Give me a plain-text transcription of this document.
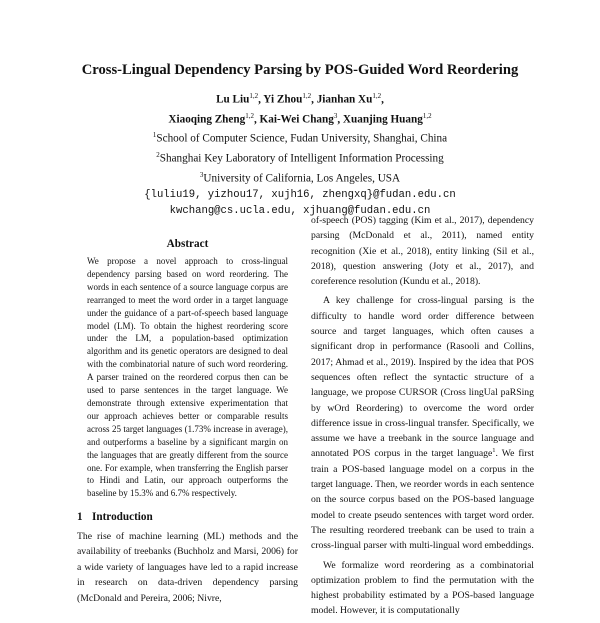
Cross-Lingual Dependency Parsing by POS-Guided Word Reordering
Lu Liu$^{1,2}$, Yi Zhou$^{1,2}$, Jianhan Xu$^{1,2}$,
Xiaoqing Zheng$^{1,2}$, Kai-Wei Chang$^3$, Xuanjing Huang$^{1,2}$
$^1$School of Computer Science, Fudan University, Shanghai, China
$^2$Shanghai Key Laboratory of Intelligent Information Processing
$^3$University of California, Los Angeles, USA
{luliu19, yizhou17, xujh16, zhengxq}@fudan.edu.cn
kwchang@cs.ucla.edu, xjhuang@fudan.edu.cn
Abstract
We propose a novel approach to cross-lingual dependency parsing based on word reordering. The words in each sentence of a source language corpus are rearranged to meet the word order in a target language under the guidance of a part-of-speech based language model (LM). To obtain the highest reordering score under the LM, a population-based optimization algorithm and its genetic operators are designed to deal with the combinatorial nature of such word reordering. A parser trained on the reordered corpus then can be used to parse sentences in the target language. We demonstrate through extensive experimentation that our approach achieves better or comparable results across 25 target languages (1.73% increase in average), and outperforms a baseline by a significant margin on the languages that are greatly different from the source one. For example, when transferring the English parser to Hindi and Latin, our approach outperforms the baseline by 15.3% and 6.7% respectively.
1 Introduction
The rise of machine learning (ML) methods and the availability of treebanks (Buchholz and Marsi, 2006) for a wide variety of languages have led to a rapid increase in research on data-driven dependency parsing (McDonald and Pereira, 2006; Nivre,

of-speech (POS) tagging (Kim et al., 2017), dependency parsing (McDonald et al., 2011), named entity recognition (Xie et al., 2018), entity linking (Sil et al., 2018), question answering (Joty et al., 2017), and coreference resolution (Kundu et al., 2018).

A key challenge for cross-lingual parsing is the difficulty to handle word order difference between source and target languages, which often causes a significant drop in performance (Rasooli and Collins, 2017; Ahmad et al., 2019). Inspired by the idea that POS sequences often reflect the syntactic structure of a language, we propose CURSOR (Cross lingUal paRSing by wOrd Reordering) to overcome the word order difference issue in cross-lingual transfer. Specifically, we assume we have a treebank in the source language and annotated POS corpus in the target language$^1$. We first train a POS-based language model on a corpus in the target language. Then, we reorder words in each sentence on the source corpus based on the POS-based language model to create pseudo sentences with target word order. The resulting reordered treebank can be used to train a cross-lingual parser with multi-lingual word embeddings.

We formalize word reordering as a combinatorial optimization problem to find the permutation with the highest probability estimated by a POS-based language model. However, it is computationally
